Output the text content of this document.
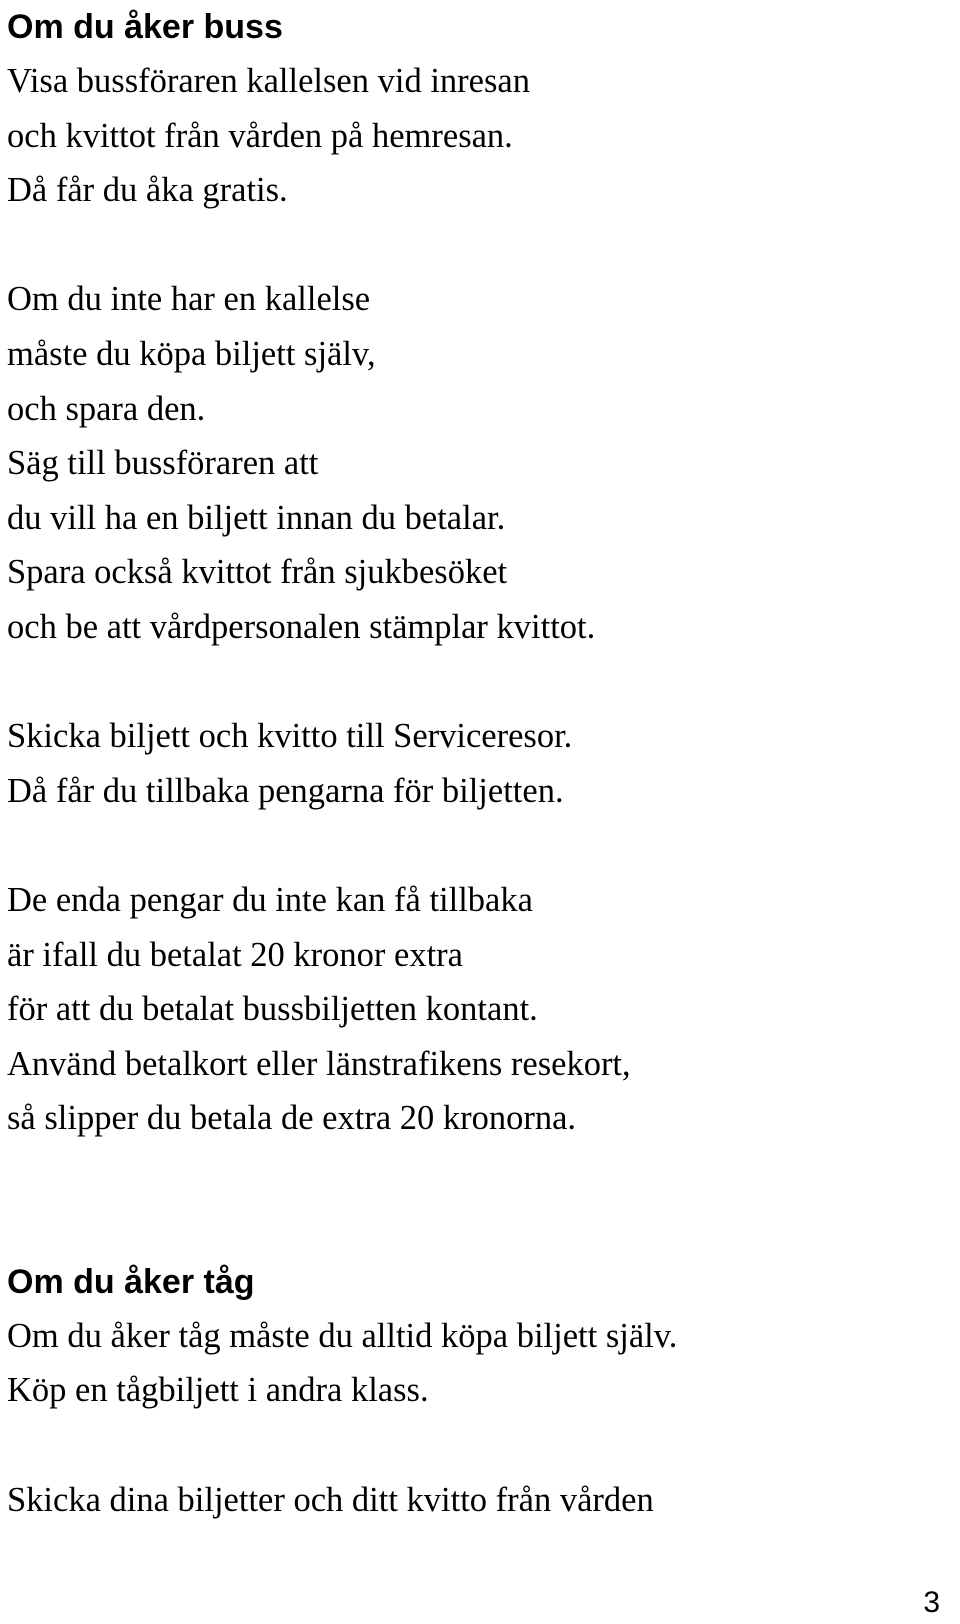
Om du åker buss

Visa bussföraren kallelsen vid inresan

och kvittot från vården på hemresan.

Då får du åka gratis.

Om du inte har en kallelse

måste du köpa biljett själv,

och spara den.

Säg till bussföraren att

du vill ha en biljett innan du betalar.

Spara också kvittot från sjukbesöket

och be att vårdpersonalen stämplar kvittot.

Skicka biljett och kvitto till Serviceresor.

Då får du tillbaka pengarna för biljetten.

De enda pengar du inte kan få tillbaka

är ifall du betalat 20 kronor extra

för att du betalat bussbiljetten kontant.

Använd betalkort eller länstrafikens resekort,

så slipper du betala de extra 20 kronorna.

Om du åker tåg

Om du åker tåg måste du alltid köpa biljett själv.

Köp en tågbiljett i andra klass.

Skicka dina biljetter och ditt kvitto från vården

3
